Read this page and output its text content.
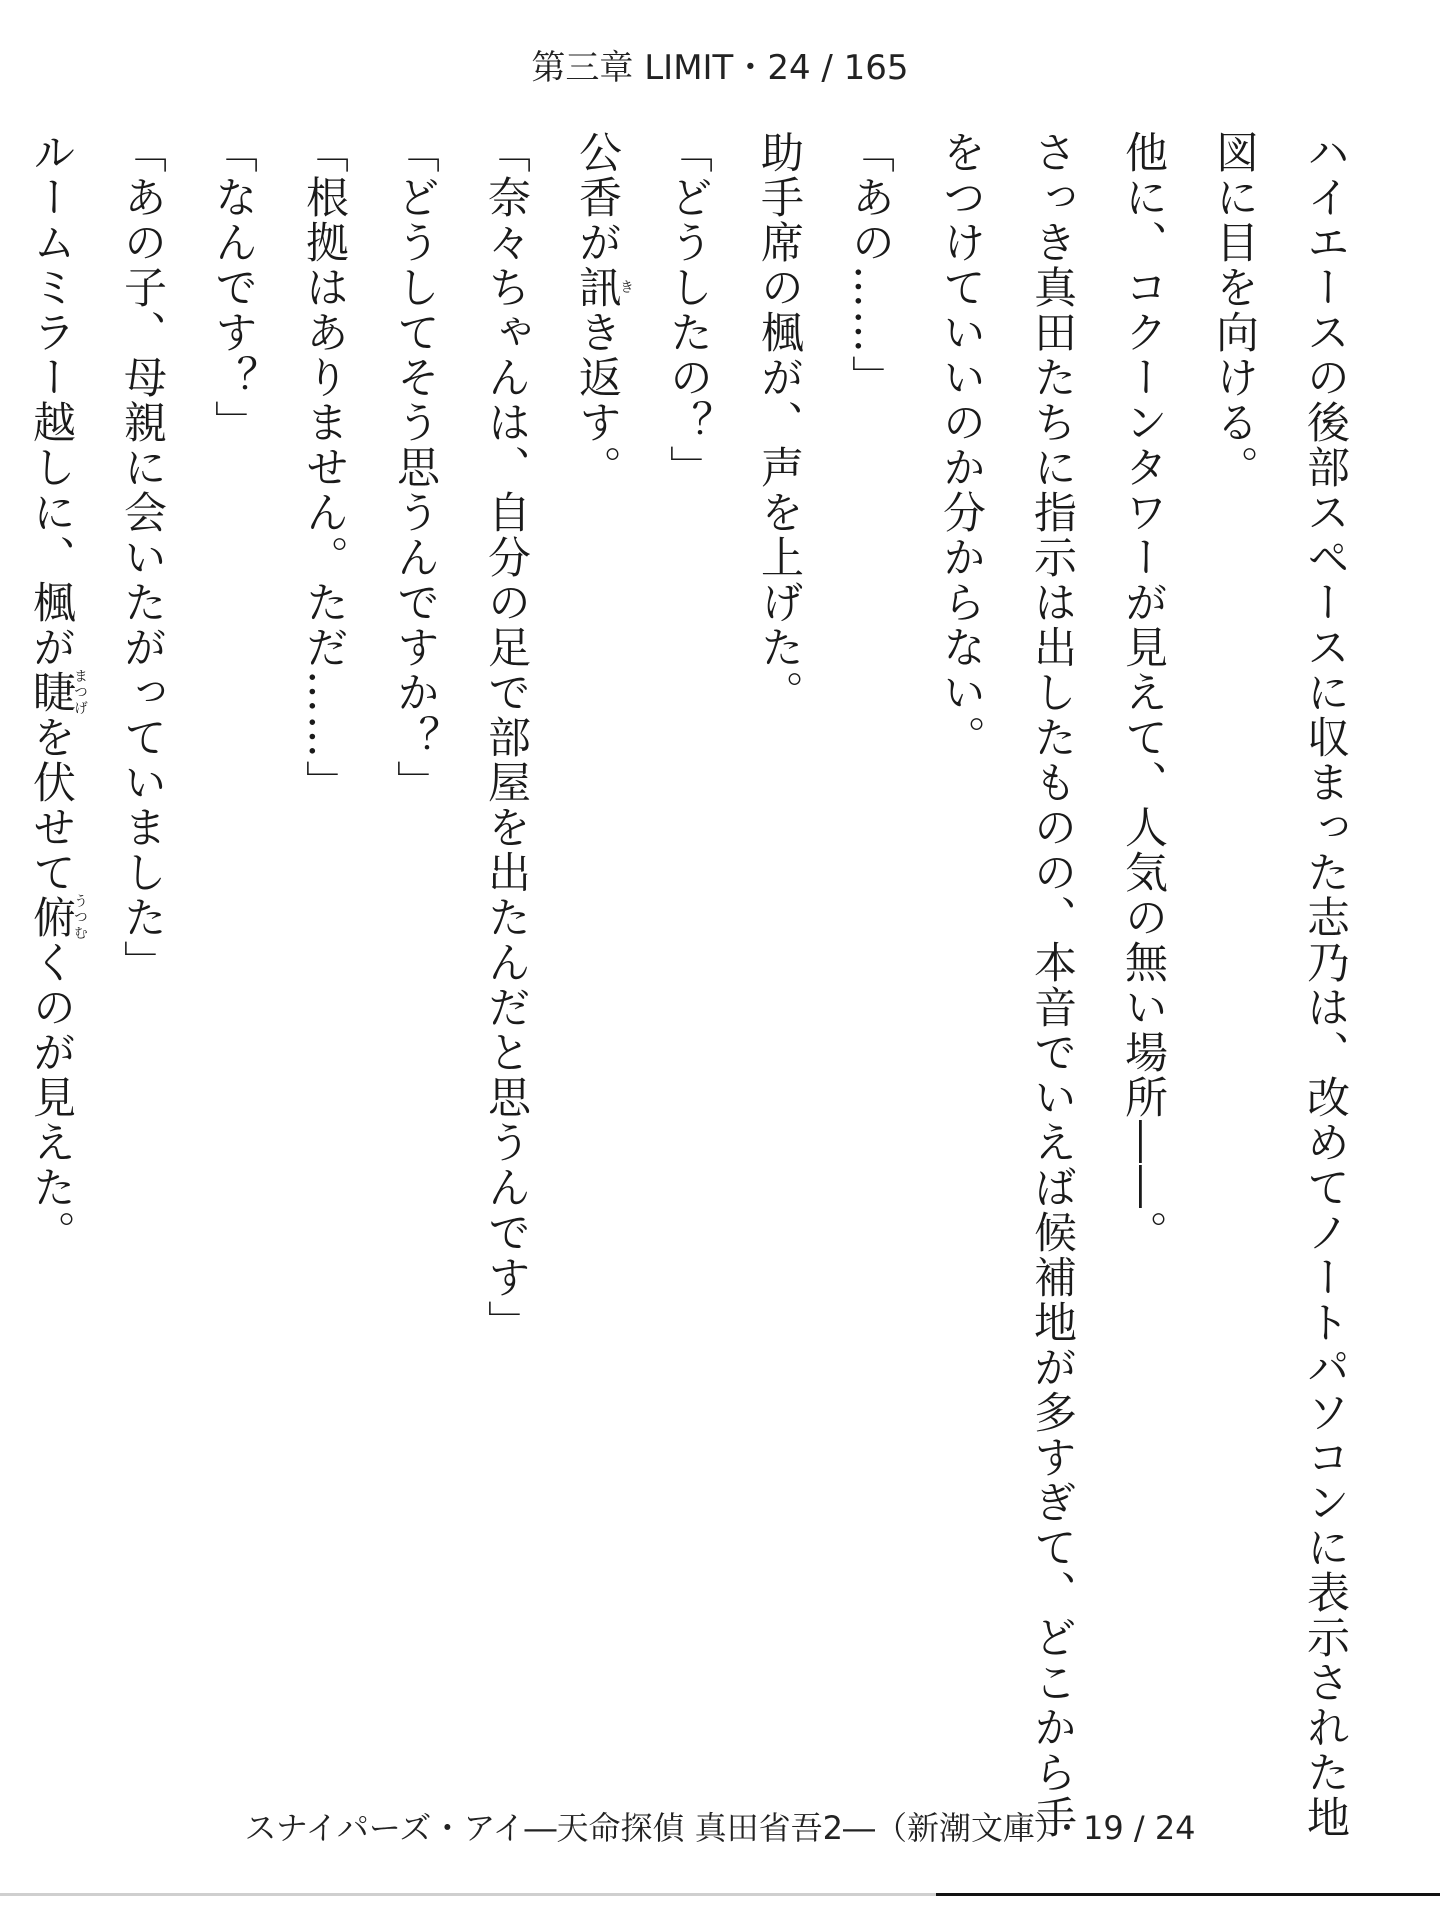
第三章 LIMIT・24 / 165

ハイエースの後部スペースに収まった志乃は、改めてノートパソコンに表示された地図に目を向ける。

他に、コクーンタワーが見えて、人気の無い場所――。

さっき真田たちに指示は出したものの、本音でいえば候補地が多すぎて、どこから手をつけていいのか分からない。

「あの……」

助手席の楓が、声を上げた。

「どうしたの？」

公香が訊きき返す。

「奈々ちゃんは、自分の足で部屋を出たんだと思うんです」

「どうしてそう思うんですか？」

「根拠はありません。ただ……」

「なんです？」

「あの子、母親に会いたがっていました」

ルームミラー越しに、楓が睫まつげを伏せて俯うつむくのが見えた。

スナイパーズ・アイ―天命探偵 真田省吾2―（新潮文庫）・19 / 24
